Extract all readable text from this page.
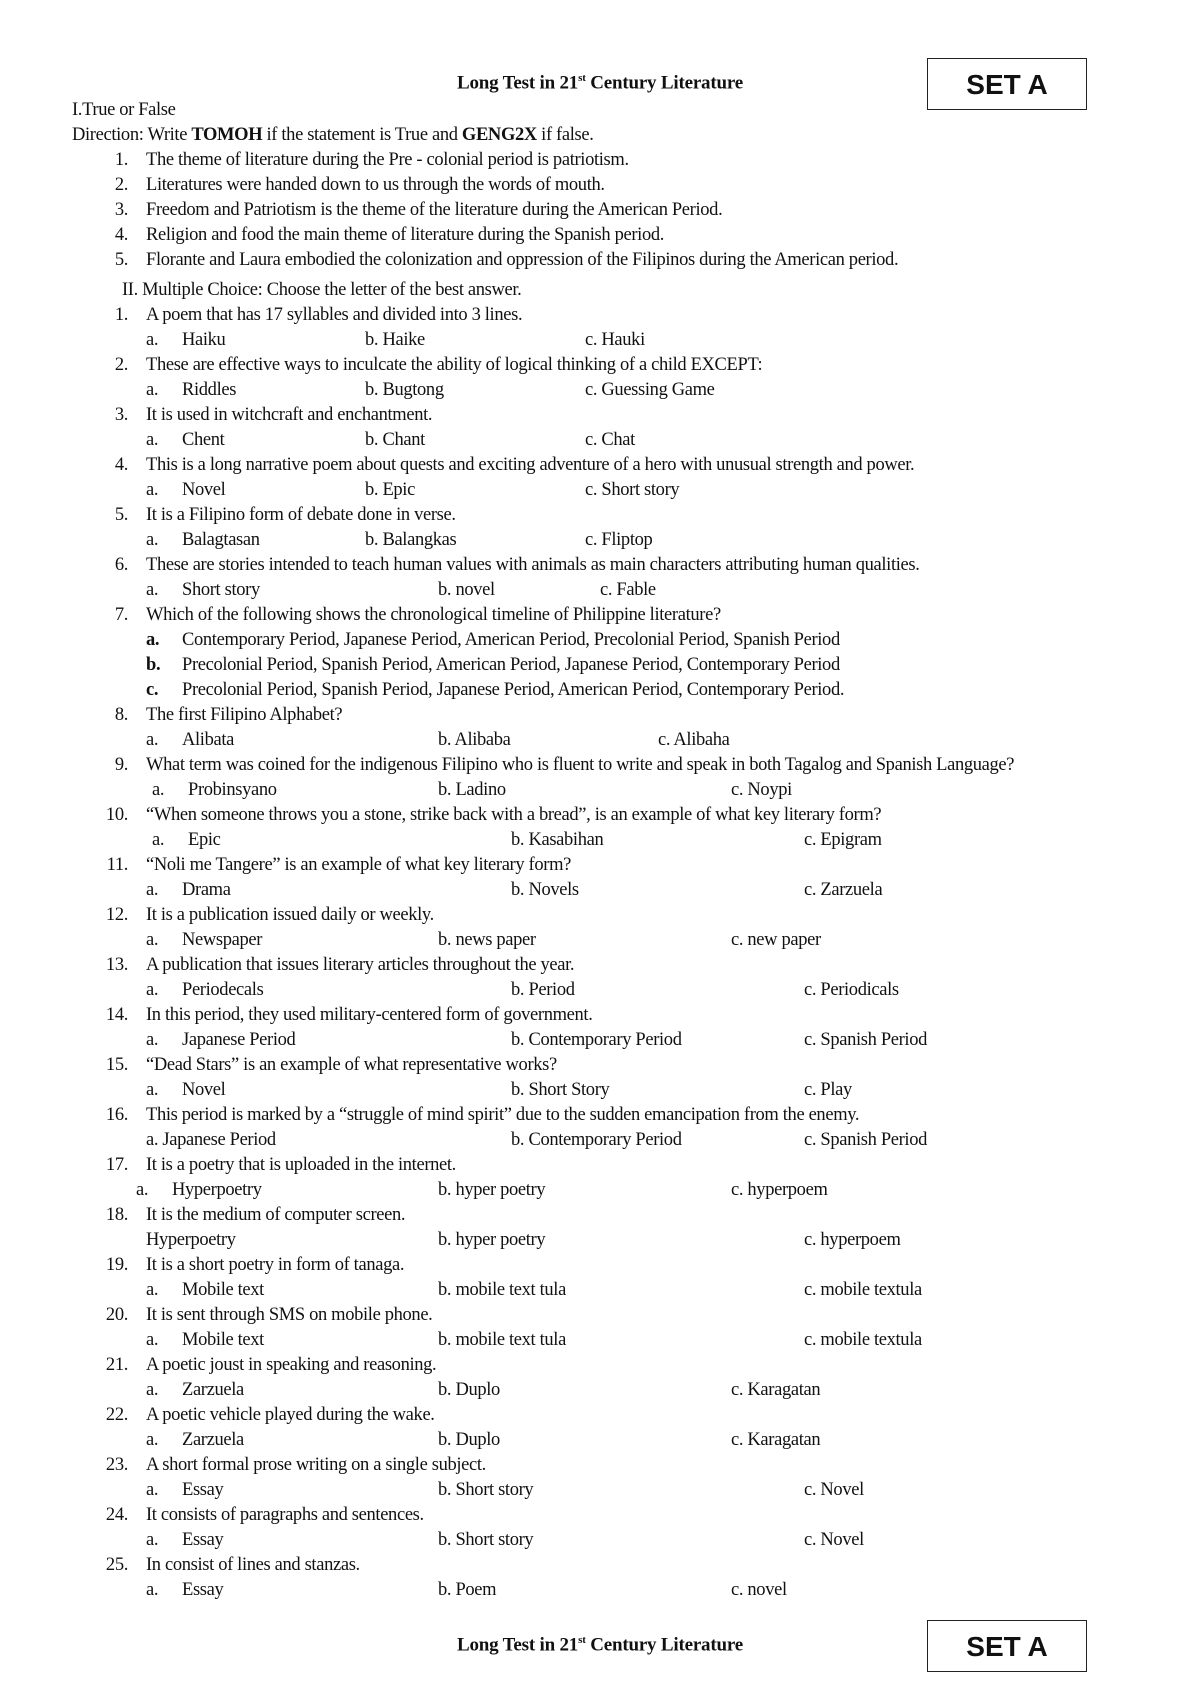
Long Test in 21st Century Literature	SET A
I.True or False
Direction: Write TOMOH if the statement is True and GENG2X if false.
1. The theme of literature during the Pre - colonial period is patriotism.
2. Literatures were handed down to us through the words of mouth.
3. Freedom and Patriotism is the theme of the literature during the American Period.
4. Religion and food the main theme of literature during the Spanish period.
5. Florante and Laura embodied the colonization and oppression of the Filipinos during the American period.
II. Multiple Choice: Choose the letter of the best answer.
1. A poem that has 17 syllables and divided into 3 lines.
a. Haiku	b. Haike	c. Hauki
2. These are effective ways to inculcate the ability of logical thinking of a child EXCEPT:
a. Riddles	b. Bugtong	c. Guessing Game
3. It is used in witchcraft and enchantment.
a. Chent	b. Chant	c. Chat
4. This is a long narrative poem about quests and exciting adventure of a hero with unusual strength and power.
a. Novel	b. Epic	c. Short story
5. It is a Filipino form of debate done in verse.
a. Balagtasan	b. Balangkas	c. Fliptop
6. These are stories intended to teach human values with animals as main characters attributing human qualities.
a. Short story	b. novel	c. Fable
7. Which of the following shows the chronological timeline of Philippine literature?
a. Contemporary Period, Japanese Period, American Period, Precolonial Period, Spanish Period
b. Precolonial Period, Spanish Period, American Period, Japanese Period, Contemporary Period
c. Precolonial Period, Spanish Period, Japanese Period, American Period, Contemporary Period.
8. The first Filipino Alphabet?
a. Alibata	b. Alibaba	c. Alibaha
9. What term was coined for the indigenous Filipino who is fluent to write and speak in both Tagalog and Spanish Language?
a. Probinsyano	b. Ladino	c. Noypi
10. “When someone throws you a stone, strike back with a bread”, is an example of what key literary form?
a. Epic	b. Kasabihan	c. Epigram
11. “Noli me Tangere” is an example of what key literary form?
a. Drama	b. Novels	c. Zarzuela
12. It is a publication issued daily or weekly.
a. Newspaper	b. news paper	c. new paper
13. A publication that issues literary articles throughout the year.
a. Periodecals	b. Period	c. Periodicals
14. In this period, they used military-centered form of government.
a. Japanese Period	b. Contemporary Period	c. Spanish Period
15. “Dead Stars” is an example of what representative works?
a. Novel	b. Short Story	c. Play
16. This period is marked by a “struggle of mind spirit” due to the sudden emancipation from the enemy.
a. Japanese Period	b. Contemporary Period	c. Spanish Period
17. It is a poetry that is uploaded in the internet.
a. Hyperpoetry	b. hyper poetry	c. hyperpoem
18. It is the medium of computer screen.
Hyperpoetry	b. hyper poetry	c. hyperpoem
19. It is a short poetry in form of tanaga.
a. Mobile text	b. mobile text tula	c. mobile textula
20. It is sent through SMS on mobile phone.
a. Mobile text	b. mobile text tula	c. mobile textula
21. A poetic joust in speaking and reasoning.
a. Zarzuela	b. Duplo	c. Karagatan
22. A poetic vehicle played during the wake.
a. Zarzuela	b. Duplo	c. Karagatan
23. A short formal prose writing on a single subject.
a. Essay	b. Short story	c. Novel
24. It consists of paragraphs and sentences.
a. Essay	b. Short story	c. Novel
25. In consist of lines and stanzas.
a. Essay	b. Poem	c. novel
Long Test in 21st Century Literature	SET A
